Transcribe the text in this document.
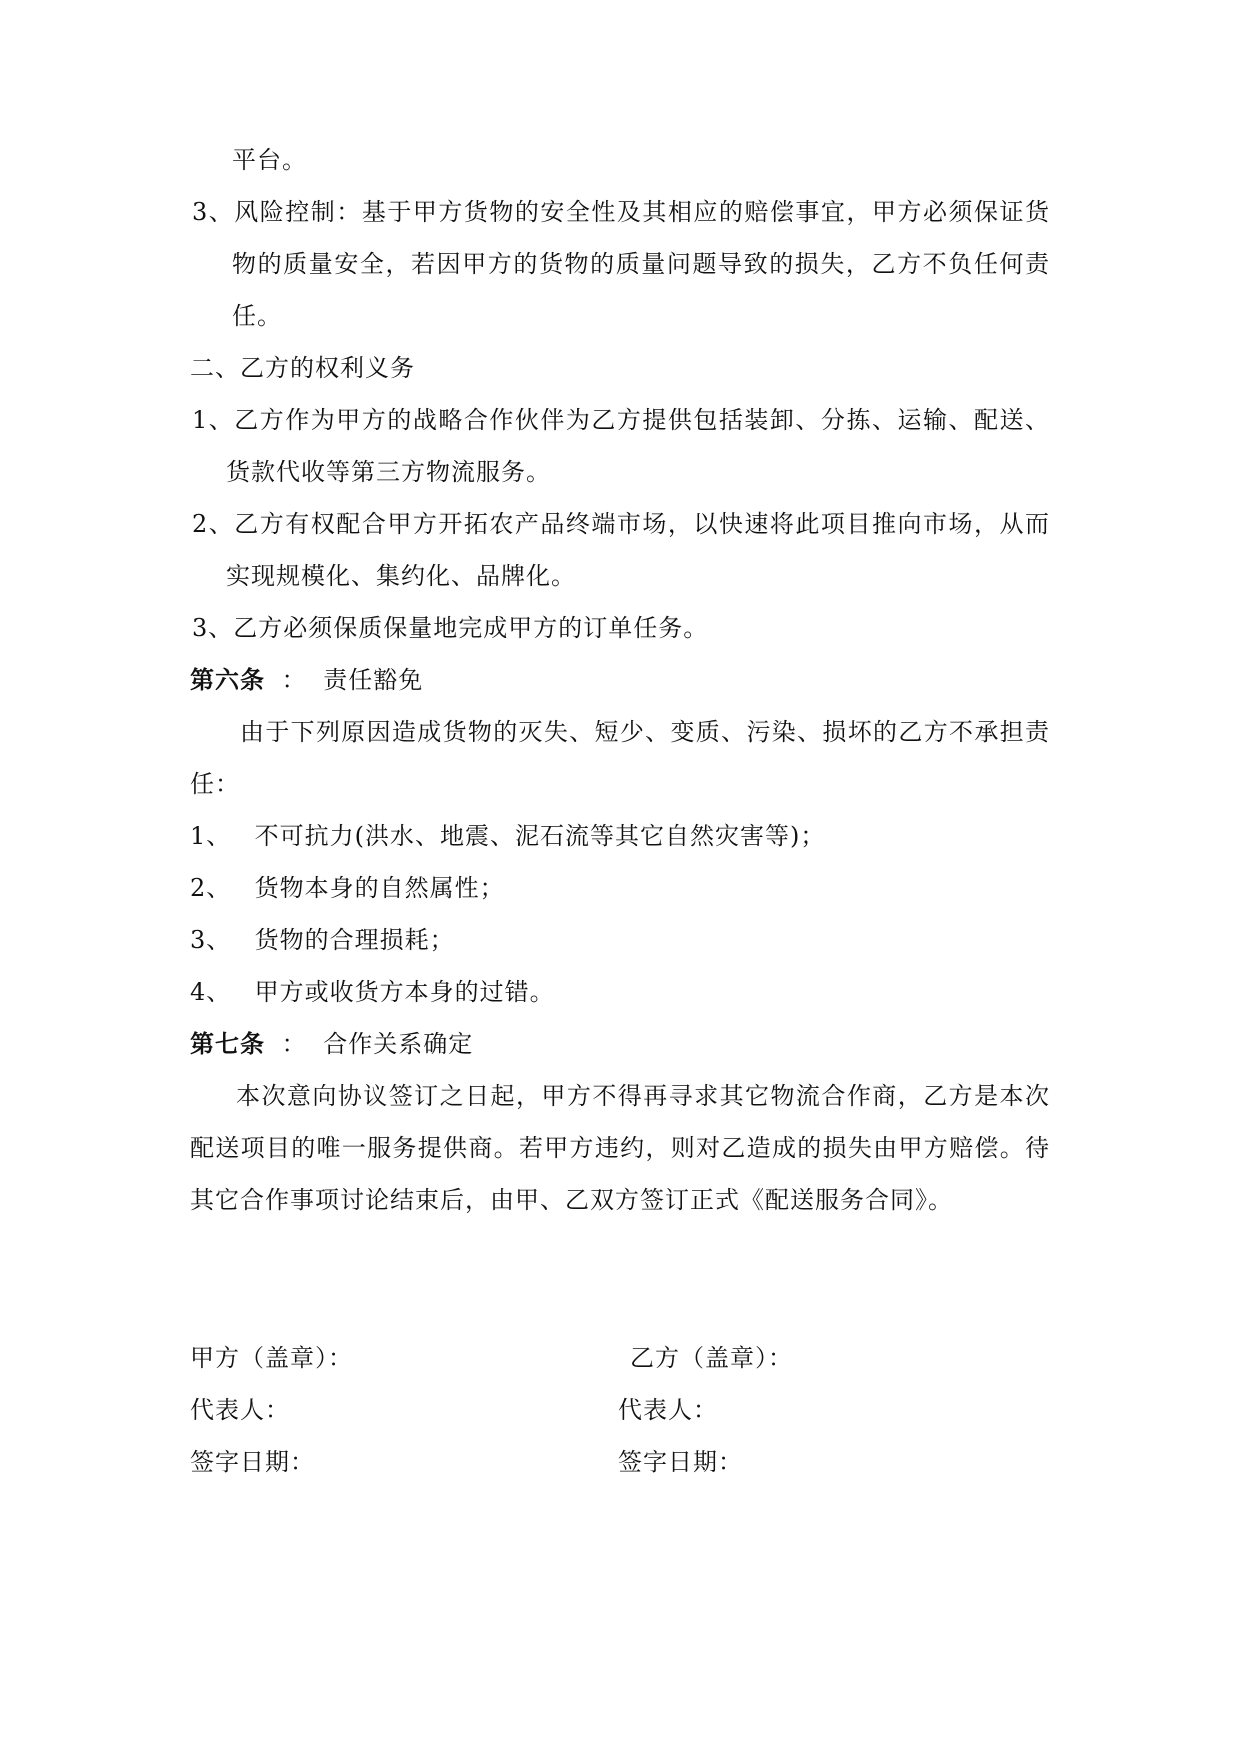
平台。
3、风险控制：基于甲方货物的安全性及其相应的赔偿事宜，甲方必须保证货
物的质量安全，若因甲方的货物的质量问题导致的损失，乙方不负任何责
任。
二、乙方的权利义务
1、乙方作为甲方的战略合作伙伴为乙方提供包括装卸、分拣、运输、配送、
货款代收等第三方物流服务。
2、乙方有权配合甲方开拓农产品终端市场，以快速将此项目推向市场，从而
实现规模化、集约化、品牌化。
3、乙方必须保质保量地完成甲方的订单任务。
第六条 ： 责任豁免
由于下列原因造成货物的灭失、短少、变质、污染、损坏的乙方不承担责
任：
1、 不可抗力(洪水、地震、泥石流等其它自然灾害等)；
2、 货物本身的自然属性；
3、 货物的合理损耗；
4、 甲方或收货方本身的过错。
第七条 ： 合作关系确定
本次意向协议签订之日起，甲方不得再寻求其它物流合作商，乙方是本次
配送项目的唯一服务提供商。若甲方违约，则对乙造成的损失由甲方赔偿。待
其它合作事项讨论结束后，由甲、乙双方签订正式《配送服务合同》。
甲方（盖章）：
代表人：
签字日期：
乙方（盖章）：
代表人：
签字日期：
